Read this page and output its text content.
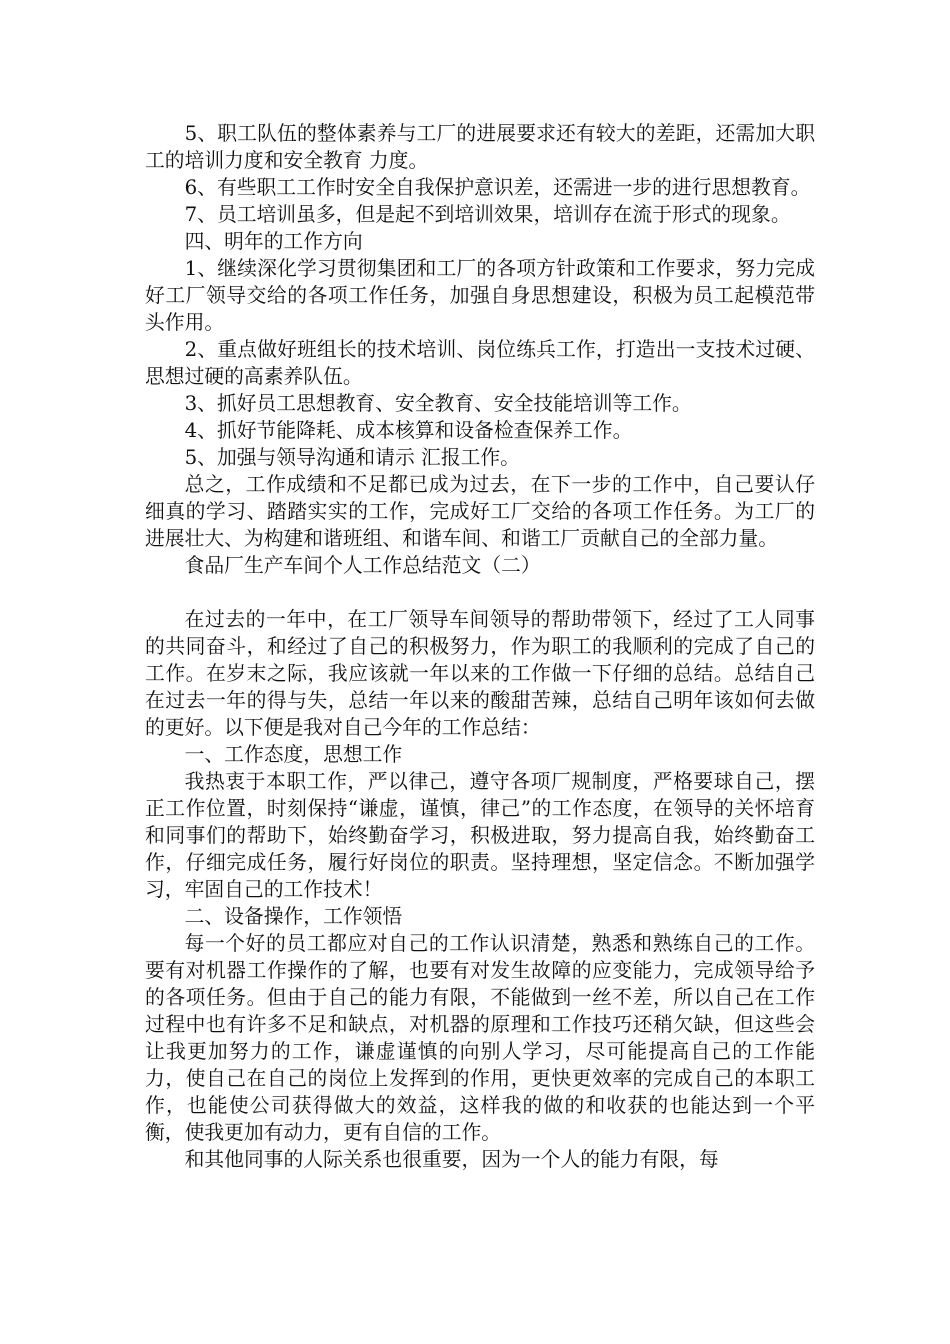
5、职工队伍的整体素养与工厂的进展要求还有较大的差距，还需加大职工的培训力度和安全教育 力度。

6、有些职工工作时安全自我保护意识差，还需进一步的进行思想教育。

7、员工培训虽多，但是起不到培训效果，培训存在流于形式的现象。

四、明年的工作方向

1、继续深化学习贯彻集团和工厂的各项方针政策和工作要求，努力完成好工厂领导交给的各项工作任务，加强自身思想建设，积极为员工起模范带头作用。

2、重点做好班组长的技术培训、岗位练兵工作，打造出一支技术过硬、思想过硬的高素养队伍。

3、抓好员工思想教育、安全教育、安全技能培训等工作。

4、抓好节能降耗、成本核算和设备检查保养工作。

5、加强与领导沟通和请示 汇报工作。

总之，工作成绩和不足都已成为过去，在下一步的工作中，自己要认仔细真的学习、踏踏实实的工作，完成好工厂交给的各项工作任务。为工厂的进展壮大、为构建和谐班组、和谐车间、和谐工厂贡献自己的全部力量。

食品厂生产车间个人工作总结范文（二）

在过去的一年中，在工厂领导车间领导的帮助带领下，经过了工人同事的共同奋斗，和经过了自己的积极努力，作为职工的我顺利的完成了自己的工作。在岁末之际，我应该就一年以来的工作做一下仔细的总结。总结自己在过去一年的得与失，总结一年以来的酸甜苦辣，总结自己明年该如何去做的更好。以下便是我对自己今年的工作总结：

一、工作态度，思想工作

我热衷于本职工作，严以律己，遵守各项厂规制度，严格要球自己，摆正工作位置，时刻保持“谦虚，谨慎，律己”的工作态度，在领导的关怀培育和同事们的帮助下，始终勤奋学习，积极进取，努力提高自我，始终勤奋工作，仔细完成任务，履行好岗位的职责。坚持理想，坚定信念。不断加强学习，牢固自己的工作技术！

二、设备操作，工作领悟

每一个好的员工都应对自己的工作认识清楚，熟悉和熟练自己的工作。要有对机器工作操作的了解，也要有对发生故障的应变能力，完成领导给予的各项任务。但由于自己的能力有限，不能做到一丝不差，所以自己在工作过程中也有许多不足和缺点，对机器的原理和工作技巧还稍欠缺，但这些会让我更加努力的工作，谦虚谨慎的向别人学习，尽可能提高自己的工作能力，使自己在自己的岗位上发挥到的作用，更快更效率的完成自己的本职工作，也能使公司获得做大的效益，这样我的做的和收获的也能达到一个平衡，使我更加有动力，更有自信的工作。

和其他同事的人际关系也很重要，因为一个人的能力有限，每
